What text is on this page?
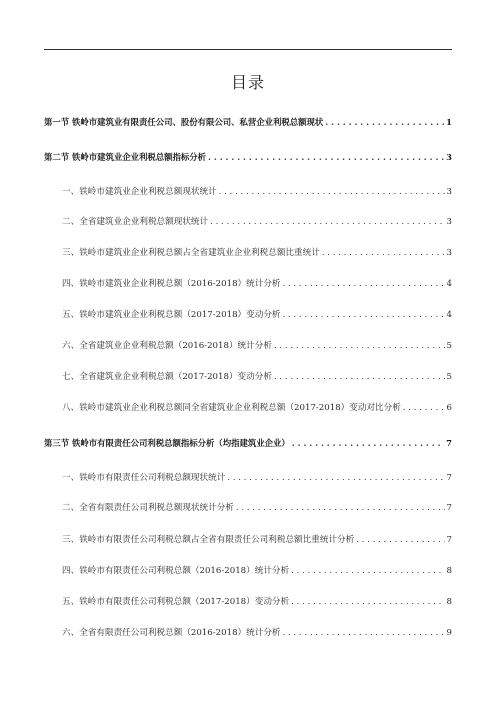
目录
第一节 铁岭市建筑业有限责任公司、股份有限公司、私营企业利税总额现状 . . .	1
第二节 铁岭市建筑业企业利税总额指标分析 . . .	3
一、铁岭市建筑业企业利税总额现状统计 . . .	3
二、全省建筑业企业利税总额现状统计 . . .	3
三、铁岭市建筑业企业利税总额占全省建筑业企业利税总额比重统计 . . .	3
四、铁岭市建筑业企业利税总额（2016-2018）统计分析 . . .	4
五、铁岭市建筑业企业利税总额（2017-2018）变动分析 . . .	4
六、全省建筑业企业利税总额（2016-2018）统计分析 . . .	5
七、全省建筑业企业利税总额（2017-2018）变动分析 . . .	5
八、铁岭市建筑业企业利税总额同全省建筑业企业利税总额（2017-2018）变动对比分析 . . .	6
第三节 铁岭市有限责任公司利税总额指标分析（均指建筑业企业） . . .	7
一、铁岭市有限责任公司利税总额现状统计 . . .	7
二、全省有限责任公司利税总额现状统计分析 . . .	7
三、铁岭市有限责任公司利税总额占全省有限责任公司利税总额比重统计分析 . . .	7
四、铁岭市有限责任公司利税总额（2016-2018）统计分析 . . .	8
五、铁岭市有限责任公司利税总额（2017-2018）变动分析 . . .	8
六、全省有限责任公司利税总额（2016-2018）统计分析 . . .	9
